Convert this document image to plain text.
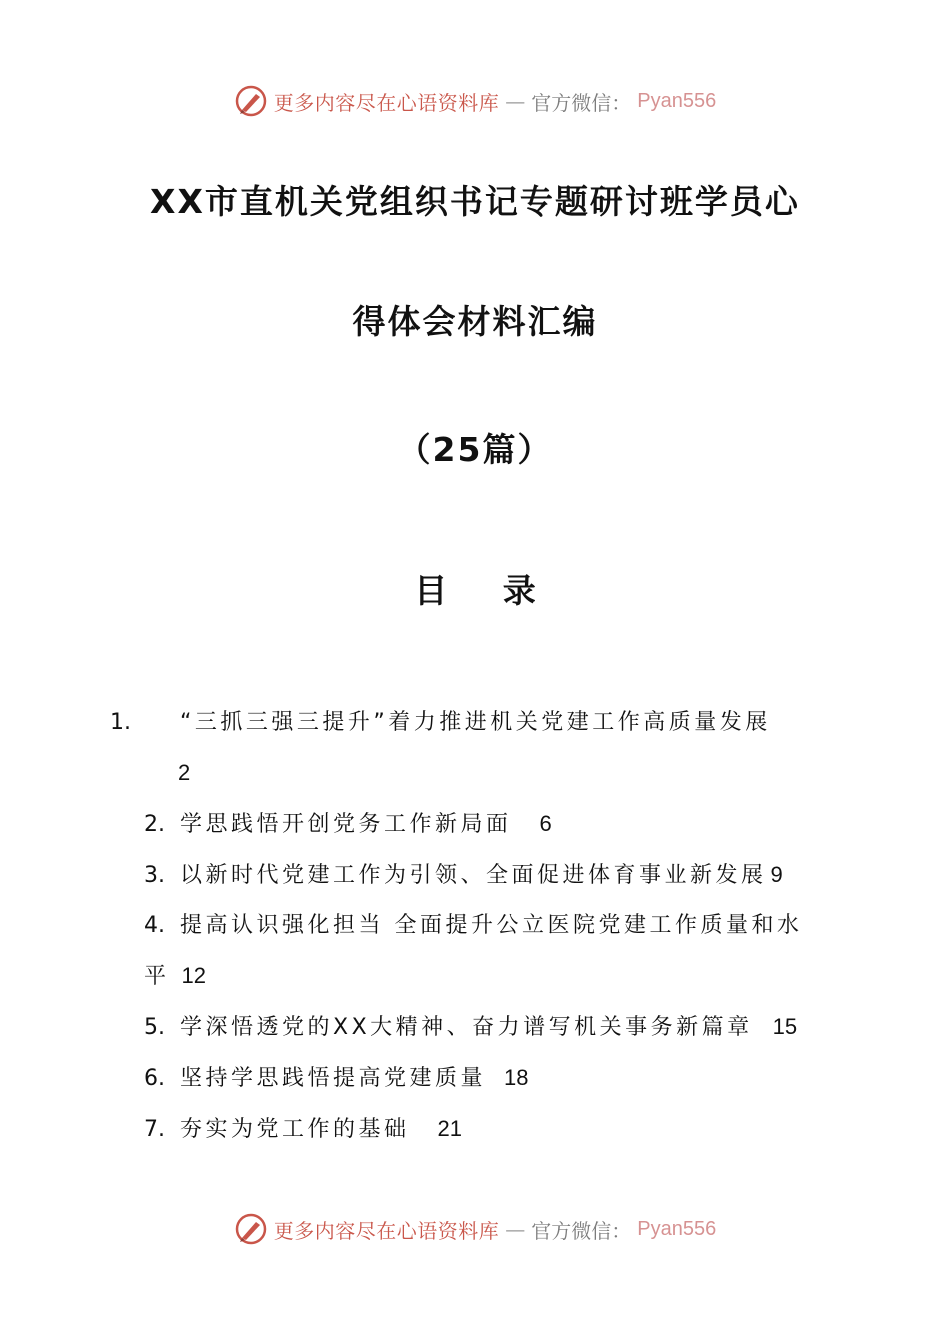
更多内容尽在心语资料库 — 官方微信： Pyan556
XX市直机关党组织书记专题研讨班学员心
得体会材料汇编
（25篇）
目 录
1. “三抓三强三提升”着力推进机关党建工作高质量发展
2
2. 学思践悟开创党务工作新局面 6
3. 以新时代党建工作为引领、全面促进体育事业新发展 9
4. 提高认识强化担当 全面提升公立医院党建工作质量和水平 12
5. 学深悟透党的XX大精神、奋力谱写机关事务新篇章 15
6. 坚持学思践悟提高党建质量 18
7. 夯实为党工作的基础 21
更多内容尽在心语资料库 — 官方微信： Pyan556
